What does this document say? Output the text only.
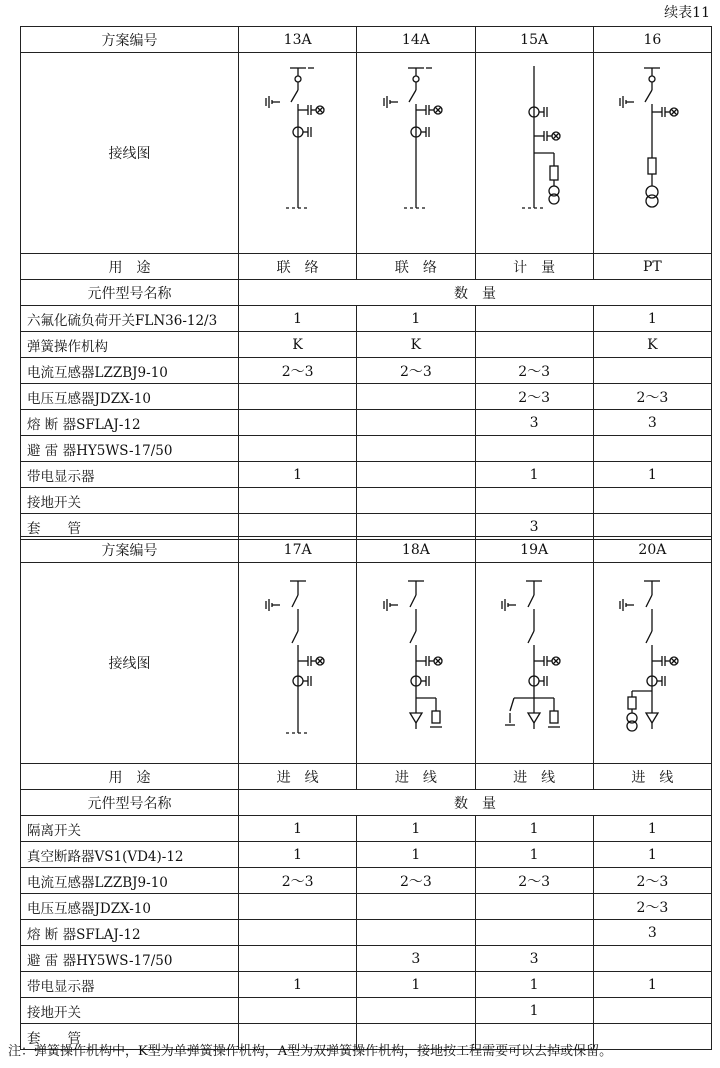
续表11
方案编号	13A	14A	15A	16
接线图	

用　途	联　络	联　络	计　量	PT
元件型号名称	数　量			
六氟化硫负荷开关FLN36-12/3	1	1		1
弹簧操作机构	K	K		K
电流互感器LZZBJ9-10	2～3	2～3	2～3	
电压互感器JDZX-10			2～3	2～3
熔 断 器SFLAJ-12			3	3
避 雷 器HY5WS-17/50				
带电显示器	1		1	1
接地开关				
套　　管			3	
方案编号	17A	18A	19A	20A
接线图	

用　途	进　线	进　线	进　线	进　线
元件型号名称	数　量			
隔离开关	1	1	1	1
真空断路器VS1(VD4)-12	1	1	1	1
电流互感器LZZBJ9-10	2～3	2～3	2～3	2～3
电压互感器JDZX-10				2～3
熔 断 器SFLAJ-12				3
避 雷 器HY5WS-17/50		3	3	
带电显示器	1	1	1	1
接地开关			1	
套　　管				
注：弹簧操作机构中，K型为单弹簧操作机构，A型为双弹簧操作机构，接地按工程需要可以去掉或保留。
